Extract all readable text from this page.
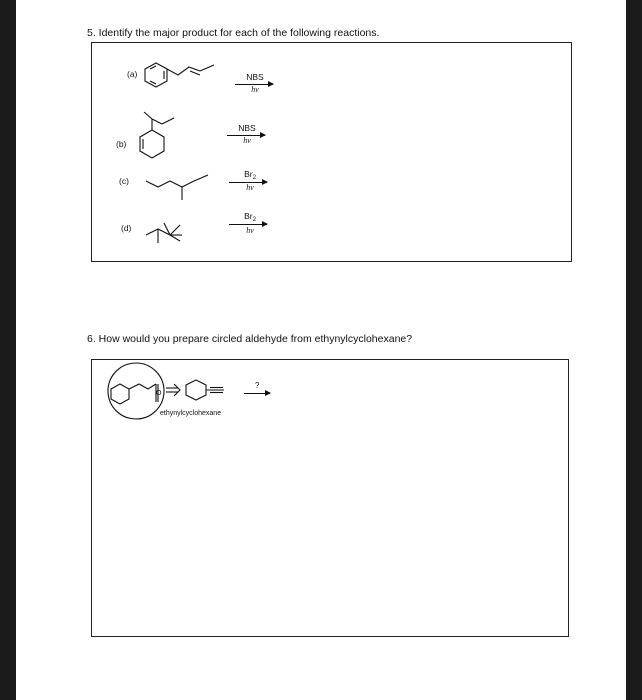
5. Identify the major product for each of the following reactions.
(a)	NBS
hv
(b)
NBS
hv
(c)
$Br_2$
hv
(d)
$Br_2$
hv
6. How would you prepare circled aldehyde from ethynylcyclohexane?
O
ethynylcyclohexane
?
